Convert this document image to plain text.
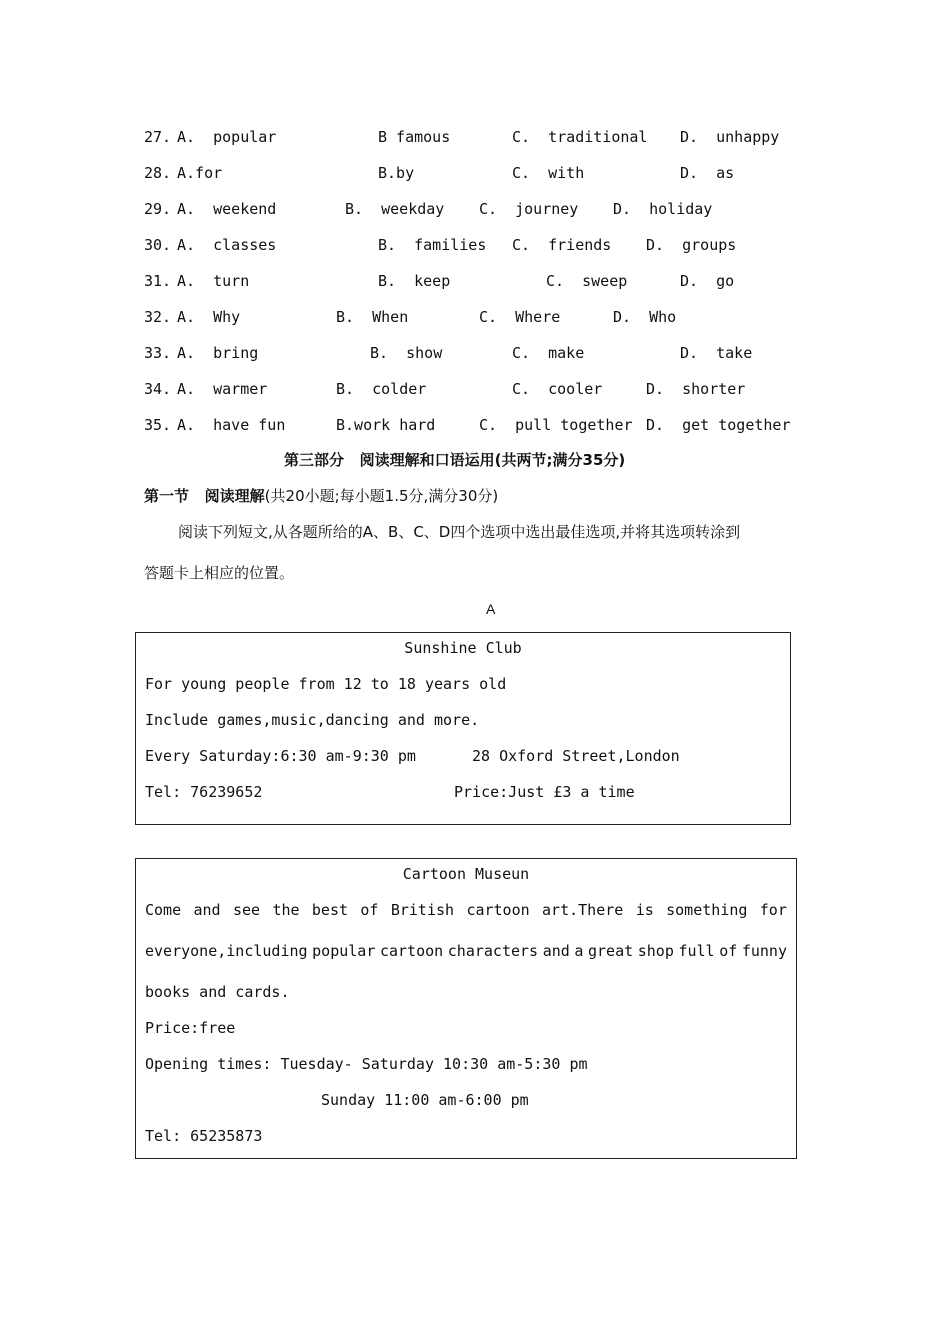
27. A.  popular	B famous	C.  traditional D.  unhappy
28. A.for	B.by	C.  with	D.  as
29. A.  weekend	B.  weekday C.  journey D.  holiday
30. A.  classes	B.  families C.  friends D.  groups
31. A.  turn	B.  keep	C.  sweep	D.  go
32. A.  Why	B.  When	C.  Where	D.  Who
33. A.  bring	B.  show	C.  make	D.  take
34. A.  warmer	B.  colder	C.  cooler	D.  shorter
35. A.  have fun	B.work hard	C.  pull together D.  get together
第三部分   阅读理解和口语运用(共两节;满分35分)
第一节   阅读理解(共20小题;每小题1.5分,满分30分)
阅读下列短文,从各题所给的A、B、C、D四个选项中选出最佳选项,并将其选项转涂到
答题卡上相应的位置。
A
Sunshine Club
For young people from 12 to 18 years old
Include games,music,dancing and more.
Every Saturday:6:30 am-9:30 pm	28 Oxford Street,London
Tel: 76239652	Price:Just £3 a time
Cartoon Museun
Come and see the best of British cartoon art.There is something for
everyone,including popular cartoon characters and a great shop full of funny
books and cards.
Price:free
Opening times: Tuesday- Saturday 10:30 am-5:30 pm
Sunday 11:00 am-6:00 pm
Tel: 65235873
